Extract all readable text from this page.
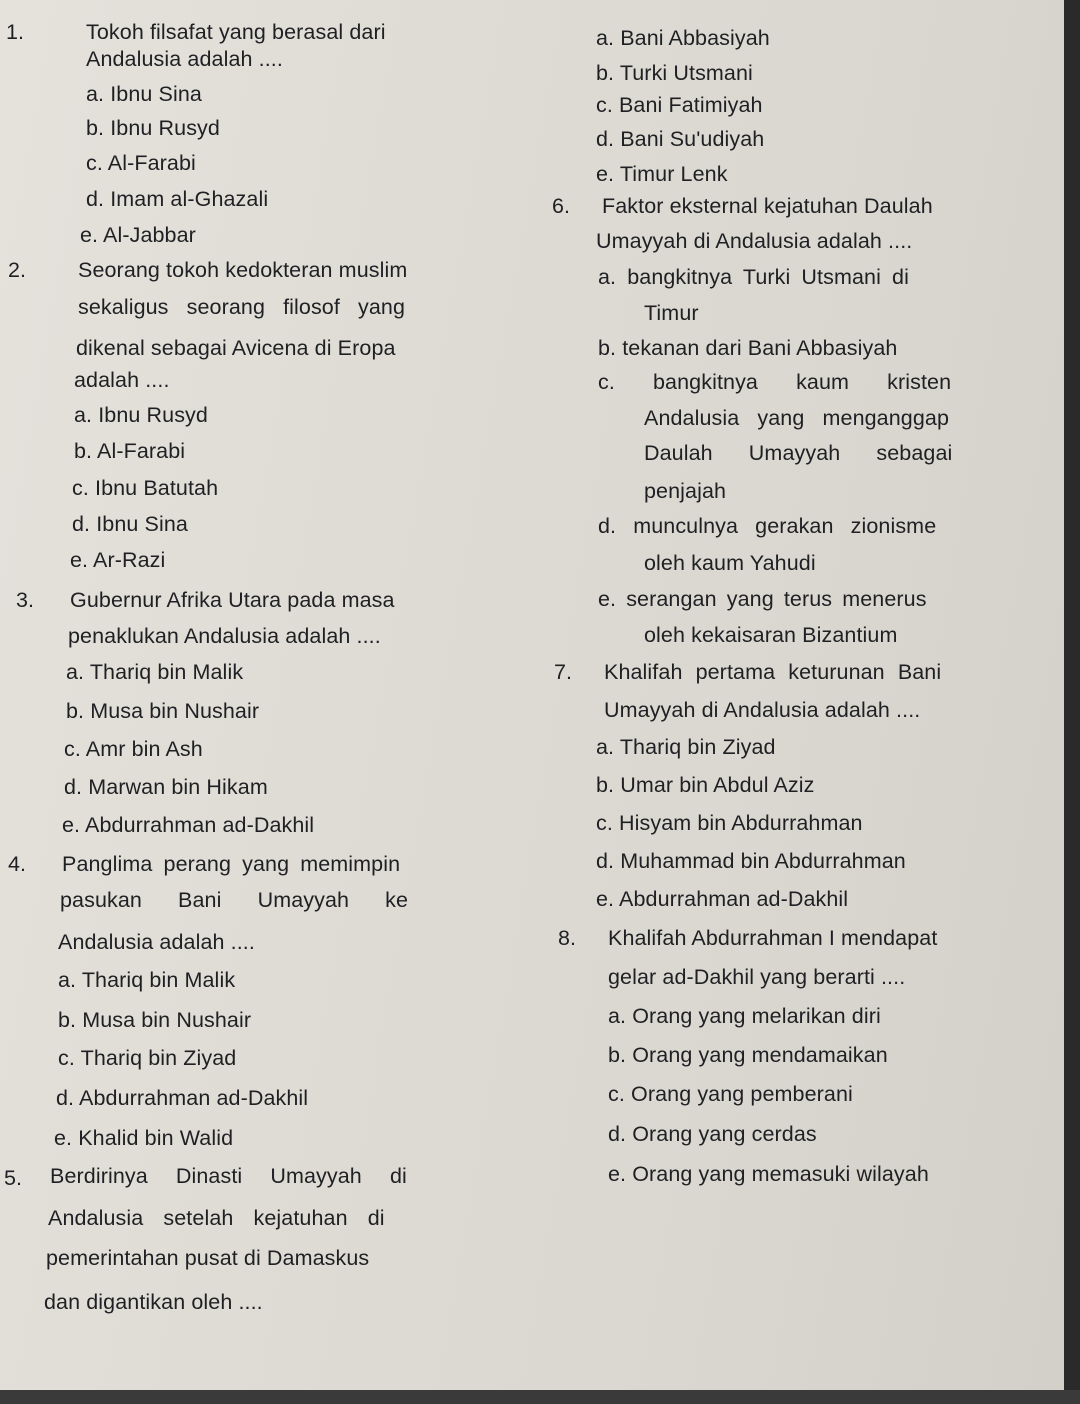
1.	Tokoh filsafat yang berasal dari
Andalusia adalah ....
a. Ibnu Sina
b. Ibnu Rusyd
c. Al-Farabi
d. Imam al-Ghazali
e. Al-Jabbar
2. Seorang tokoh kedokteran muslim
sekaligus seorang filosof yang
dikenal sebagai Avicena di Eropa
adalah ....
a. Ibnu Rusyd
b. Al-Farabi
c. Ibnu Batutah
d. Ibnu Sina
e. Ar-Razi
3. Gubernur Afrika Utara pada masa
penaklukan Andalusia adalah ....
a. Thariq bin Malik
b. Musa bin Nushair
c. Amr bin Ash
d. Marwan bin Hikam
e. Abdurrahman ad-Dakhil
4. Panglima perang yang memimpin
pasukan Bani Umayyah ke
Andalusia adalah ....
a. Thariq bin Malik
b. Musa bin Nushair
c. Thariq bin Ziyad
d. Abdurrahman ad-Dakhil
e. Khalid bin Walid
5. Berdirinya Dinasti Umayyah di
Andalusia setelah kejatuhan di
pemerintahan pusat di Damaskus
dan digantikan oleh ....
a. Bani Abbasiyah
b. Turki Utsmani
c. Bani Fatimiyah
d. Bani Su'udiyah
e. Timur Lenk
6. Faktor eksternal kejatuhan Daulah
Umayyah di Andalusia adalah ....
a. bangkitnya Turki Utsmani di
Timur
b. tekanan dari Bani Abbasiyah
c. bangkitnya kaum kristen
Andalusia yang menganggap
Daulah Umayyah sebagai
penjajah
d. munculnya gerakan zionisme
oleh kaum Yahudi
e. serangan yang terus menerus
oleh kekaisaran Bizantium
7. Khalifah pertama keturunan Bani
Umayyah di Andalusia adalah ....
a. Thariq bin Ziyad
b. Umar bin Abdul Aziz
c. Hisyam bin Abdurrahman
d. Muhammad bin Abdurrahman
e. Abdurrahman ad-Dakhil
8. Khalifah Abdurrahman I mendapat
gelar ad-Dakhil yang berarti ....
a. Orang yang melarikan diri
b. Orang yang mendamaikan
c. Orang yang pemberani
d. Orang yang cerdas
e. Orang yang memasuki wilayah
